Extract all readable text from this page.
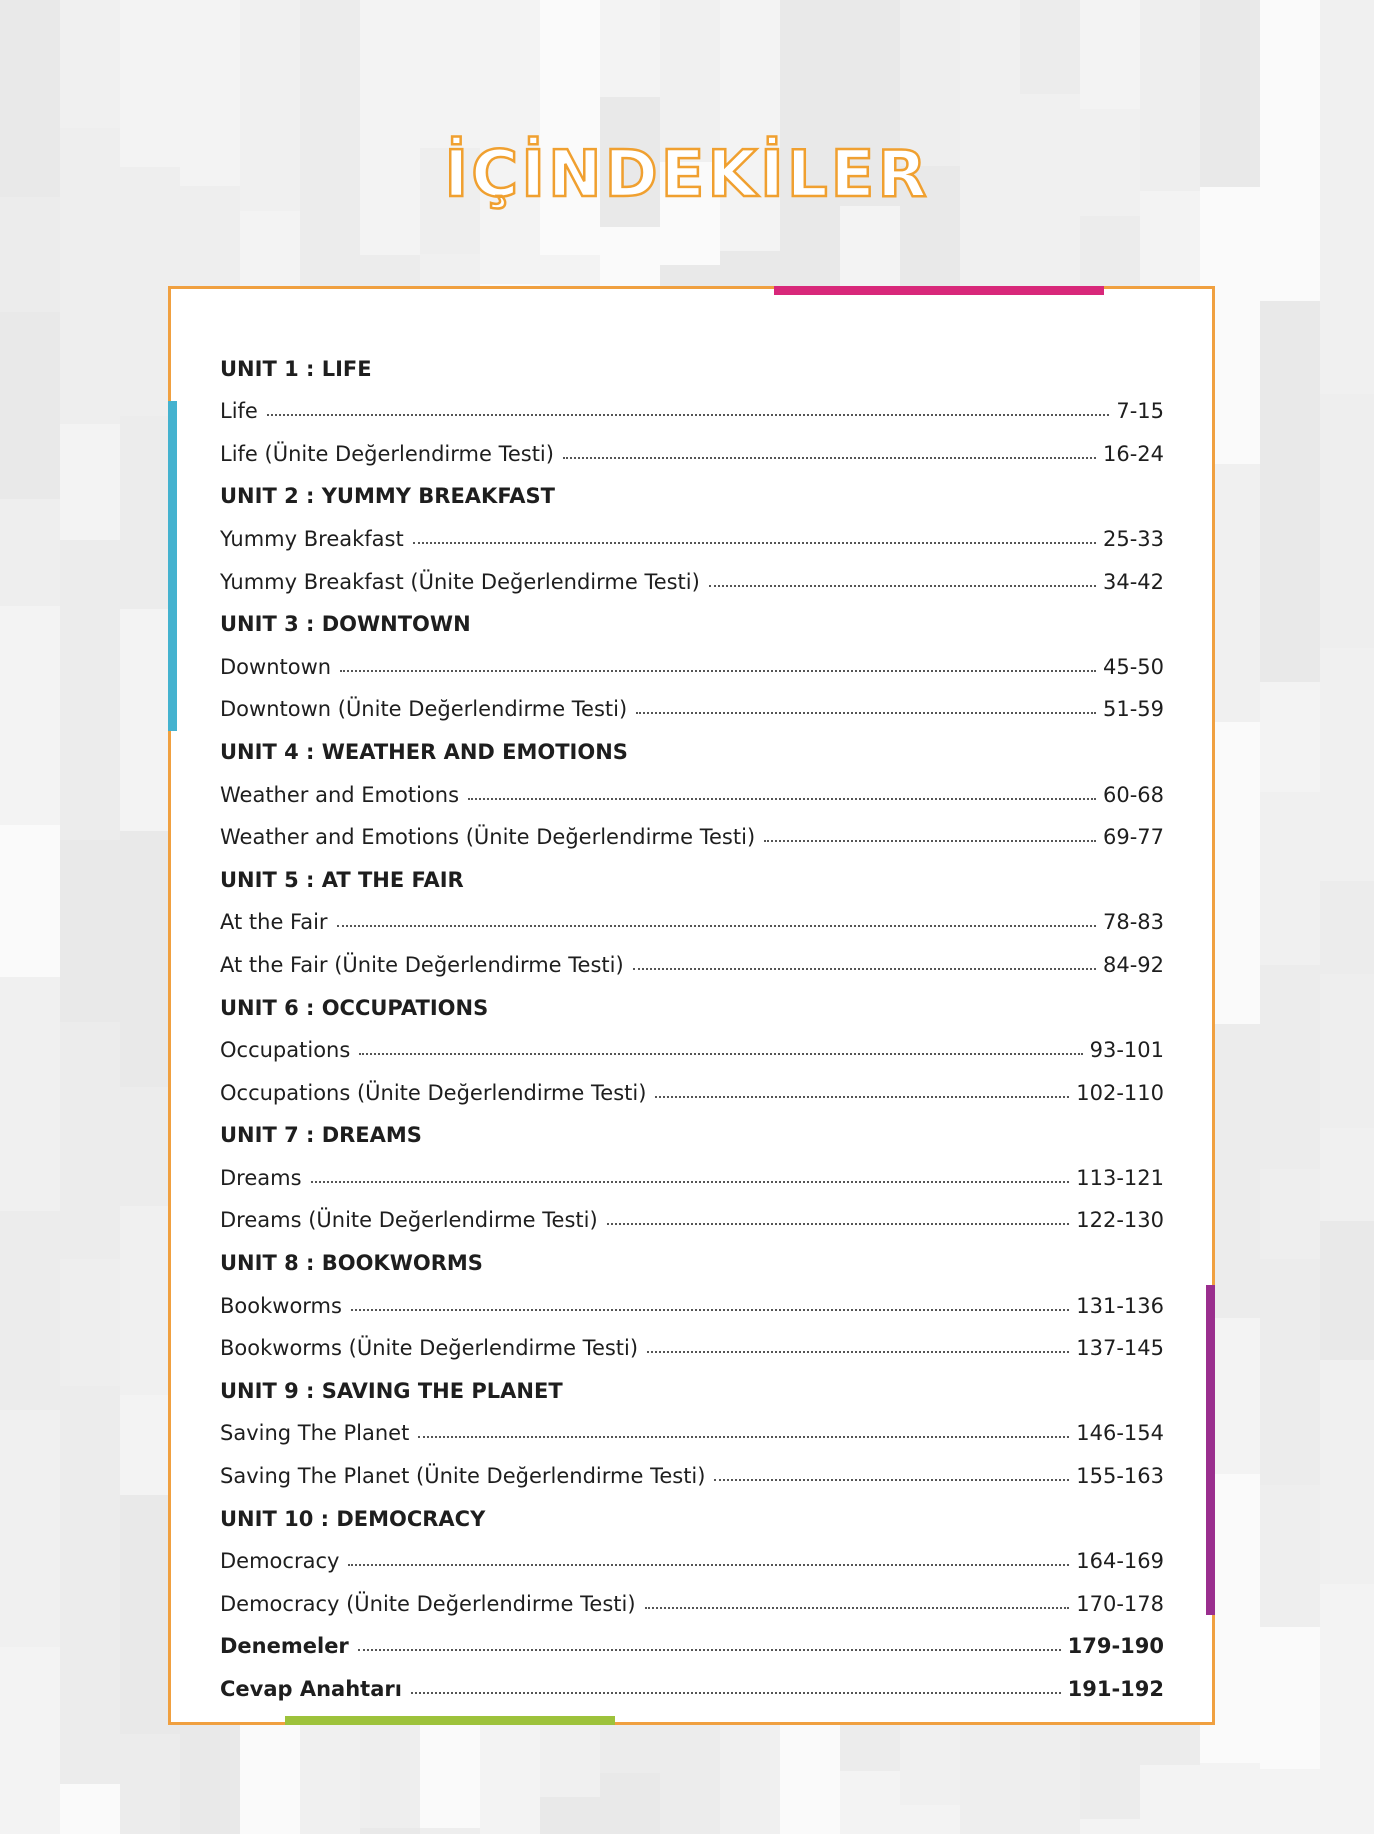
İÇİNDEKİLER
UNIT 1 : LIFE
Life	7-15
Life (Ünite Değerlendirme Testi)	16-24
UNIT 2 : YUMMY BREAKFAST
Yummy Breakfast	25-33
Yummy Breakfast (Ünite Değerlendirme Testi)	34-42
UNIT 3 : DOWNTOWN
Downtown	45-50
Downtown (Ünite Değerlendirme Testi)	51-59
UNIT 4 : WEATHER AND EMOTIONS
Weather and Emotions	60-68
Weather and Emotions (Ünite Değerlendirme Testi)	69-77
UNIT 5 : AT THE FAIR
At the Fair	78-83
At the Fair (Ünite Değerlendirme Testi)	84-92
UNIT 6 : OCCUPATIONS
Occupations	93-101
Occupations (Ünite Değerlendirme Testi)	102-110
UNIT 7 : DREAMS
Dreams	113-121
Dreams (Ünite Değerlendirme Testi)	122-130
UNIT 8 : BOOKWORMS
Bookworms	131-136
Bookworms (Ünite Değerlendirme Testi)	137-145
UNIT 9 : SAVING THE PLANET
Saving The Planet	146-154
Saving The Planet (Ünite Değerlendirme Testi)	155-163
UNIT 10 : DEMOCRACY
Democracy	164-169
Democracy (Ünite Değerlendirme Testi)	170-178
Denemeler	179-190
Cevap Anahtarı	191-192
